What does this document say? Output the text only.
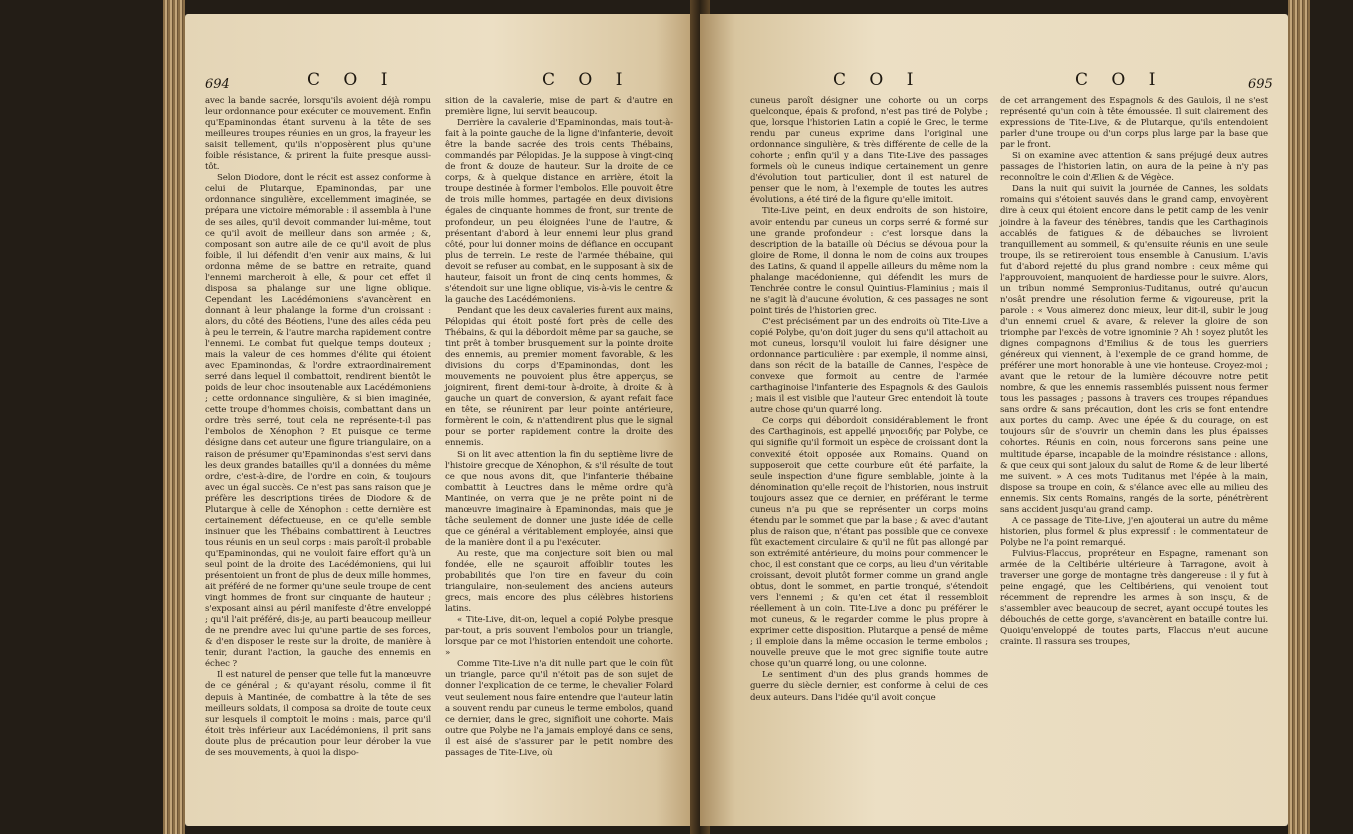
694	C O I	C O I

avec la bande sacrée, lorsqu'ils avoient déjà rompu leur ordonnance pour exécuter ce mouvement. Enfin qu'Epaminondas étant survenu à la tête de ses meilleures troupes réunies en un gros, la frayeur les saisit tellement, qu'ils n'opposèrent plus qu'une foible résistance, & prirent la fuite presque aussi-tôt.

Selon Diodore, dont le récit est assez conforme à celui de Plutarque, Epaminondas, par une ordonnance singulière, excellemment imaginée, se prépara une victoire mémorable : il assembla à l'une de ses ailes, qu'il devoit commander lui-même, tout ce qu'il avoit de meilleur dans son armée ; &, composant son autre aile de ce qu'il avoit de plus foible, il lui défendit d'en venir aux mains, & lui ordonna même de se battre en retraite, quand l'ennemi marcheroit à elle, & pour cet effet il disposa sa phalange sur une ligne oblique. Cependant les Lacédémoniens s'avancèrent en donnant à leur phalange la forme d'un croissant : alors, du côté des Béotiens, l'une des ailes céda peu à peu le terrein, & l'autre marcha rapidement contre l'ennemi. Le combat fut quelque temps douteux ; mais la valeur de ces hommes d'élite qui étoient avec Epaminondas, & l'ordre extraordinairement serré dans lequel il combattoit, rendirent bientôt le poids de leur choc insoutenable aux Lacédémoniens ; cette ordonnance singulière, & si bien imaginée, cette troupe d'hommes choisis, combattant dans un ordre très serré, tout cela ne représente-t-il pas l'embolos de Xénophon ? Et puisque ce terme désigne dans cet auteur une figure triangulaire, on a raison de présumer qu'Epaminondas s'est servi dans les deux grandes batailles qu'il a données du même ordre, c'est-à-dire, de l'ordre en coin, & toujours avec un égal succès. Ce n'est pas sans raison que je préfère les descriptions tirées de Diodore & de Plutarque à celle de Xénophon : cette dernière est certainement défectueuse, en ce qu'elle semble insinuer que les Thébains combattirent à Leuctres tous réunis en un seul corps : mais paroît-il probable qu'Epaminondas, qui ne vouloit faire effort qu'à un seul point de la droite des Lacédémoniens, qui lui présentoient un front de plus de deux mille hommes, ait préféré de ne former qu'une seule troupe de cent vingt hommes de front sur cinquante de hauteur ; s'exposant ainsi au péril manifeste d'être enveloppé ; qu'il l'ait préféré, dis-je, au parti beaucoup meilleur de ne prendre avec lui qu'une partie de ses forces, & d'en disposer le reste sur la droite, de manière à tenir, durant l'action, la gauche des ennemis en échec ?

Il est naturel de penser que telle fut la manœuvre de ce général ; & qu'ayant résolu, comme il fit depuis à Mantinée, de combattre à la tête de ses meilleurs soldats, il composa sa droite de toute ceux sur lesquels il comptoit le moins : mais, parce qu'il étoit très inférieur aux Lacédémoniens, il prit sans doute plus de précaution pour leur dérober la vue de ses mouvements, à quoi la dispo-

sition de la cavalerie, mise de part & d'autre en première ligne, lui servit beaucoup.

Derrière la cavalerie d'Epaminondas, mais tout-à-fait à la pointe gauche de la ligne d'infanterie, devoit être la bande sacrée des trois cents Thébains, commandés par Pélopidas. Je la suppose à vingt-cinq de front & douze de hauteur. Sur la droite de ce corps, & à quelque distance en arrière, étoit la troupe destinée à former l'embolos. Elle pouvoit être de trois mille hommes, partagée en deux divisions égales de cinquante hommes de front, sur trente de profondeur, un peu éloignées l'une de l'autre, & présentant d'abord à leur ennemi leur plus grand côté, pour lui donner moins de défiance en occupant plus de terrein. Le reste de l'armée thébaine, qui devoit se refuser au combat, en le supposant à six de hauteur, faisoit un front de cinq cents hommes, & s'étendoit sur une ligne oblique, vis-à-vis le centre & la gauche des Lacédémoniens.

Pendant que les deux cavaleries furent aux mains, Pélopidas qui étoit posté fort près de celle des Thébains, & qui la débordoit même par sa gauche, se tint prêt à tomber brusquement sur la pointe droite des ennemis, au premier moment favorable, & les divisions du corps d'Epaminondas, dont les mouvements ne pouvoient plus être apperçus, se joignirent, firent demi-tour à-droite, à droite & à gauche un quart de conversion, & ayant refait face en tête, se réunirent par leur pointe antérieure, formèrent le coin, & n'attendirent plus que le signal pour se porter rapidement contre la droite des ennemis.

Si on lit avec attention la fin du septième livre de l'histoire grecque de Xénophon, & s'il résulte de tout ce que nous avons dit, que l'infanterie thébaine combattit à Leuctres dans le même ordre qu'à Mantinée, on verra que je ne prête point ni de manœuvre imaginaire à Epaminondas, mais que je tâche seulement de donner une juste idée de celle que ce général a véritablement employée, ainsi que de la manière dont il a pu l'exécuter.

Au reste, que ma conjecture soit bien ou mal fondée, elle ne sçauroit affoiblir toutes les probabilités que l'on tire en faveur du coin triangulaire, non-seulement des anciens auteurs grecs, mais encore des plus célèbres historiens latins.

« Tite-Live, dit-on, lequel a copié Polybe presque par-tout, a pris souvent l'embolos pour un triangle, lorsque par ce mot l'historien entendoit une cohorte. »

Comme Tite-Live n'a dit nulle part que le coin fût un triangle, parce qu'il n'étoit pas de son sujet de donner l'explication de ce terme, le chevalier Folard veut seulement nous faire entendre que l'auteur latin a souvent rendu par cuneus le terme embolos, quand ce dernier, dans le grec, signifioit une cohorte. Mais outre que Polybe ne l'a jamais employé dans ce sens, il est aisé de s'assurer par le petit nombre des passages de Tite-Live, où

C O I	C O I	695

cuneus paroît désigner une cohorte ou un corps quelconque, épais & profond, n'est pas tiré de Polybe ; que, lorsque l'historien Latin a copié le Grec, le terme rendu par cuneus exprime dans l'original une ordonnance singulière, & très différente de celle de la cohorte ; enfin qu'il y a dans Tite-Live des passages formels où le cuneus indique certainement un genre d'évolution tout particulier, dont il est naturel de penser que le nom, à l'exemple de toutes les autres évolutions, a été tiré de la figure qu'elle imitoit.

Tite-Live peint, en deux endroits de son histoire, avoir entendu par cuneus un corps serré & formé sur une grande profondeur : c'est lorsque dans la description de la bataille où Décius se dévoua pour la gloire de Rome, il donna le nom de coins aux troupes des Latins, & quand il appelle ailleurs du même nom la phalange macédonienne, qui défendit les murs de Tenchrée contre le consul Quintius-Flaminius ; mais il ne s'agit là d'aucune évolution, & ces passages ne sont point tirés de l'historien grec.

C'est précisément par un des endroits où Tite-Live a copié Polybe, qu'on doit juger du sens qu'il attachoit au mot cuneus, lorsqu'il vouloit lui faire désigner une ordonnance particulière : par exemple, il nomme ainsi, dans son récit de la bataille de Cannes, l'espèce de convexe que formoit au centre de l'armée carthaginoise l'infanterie des Espagnols & des Gaulois ; mais il est visible que l'auteur Grec entendoit là toute autre chose qu'un quarré long.

Ce corps qui débordoit considérablement le front des Carthaginois, est appellé μηνοειδής par Polybe, ce qui signifie qu'il formoit un espèce de croissant dont la convexité étoit opposée aux Romains. Quand on supposeroit que cette courbure eût été parfaite, la seule inspection d'une figure semblable, jointe à la dénomination qu'elle reçoit de l'historien, nous instruit toujours assez que ce dernier, en préférant le terme cuneus n'a pu que se représenter un corps moins étendu par le sommet que par la base ; & avec d'autant plus de raison que, n'étant pas possible que ce convexe fût exactement circulaire & qu'il ne fût pas allongé par son extrémité antérieure, du moins pour commencer le choc, il est constant que ce corps, au lieu d'un véritable croissant, devoit plutôt former comme un grand angle obtus, dont le sommet, en partie tronqué, s'étendoit vers l'ennemi ; & qu'en cet état il ressembloit réellement à un coin. Tite-Live a donc pu préférer le mot cuneus, & le regarder comme le plus propre à exprimer cette disposition. Plutarque a pensé de même ; il emploie dans la même occasion le terme embolos ; nouvelle preuve que le mot grec signifie toute autre chose qu'un quarré long, ou une colonne.

Le sentiment d'un des plus grands hommes de guerre du siècle dernier, est conforme à celui de ces deux auteurs. Dans l'idée qu'il avoit conçue

de cet arrangement des Espagnols & des Gaulois, il ne s'est représenté qu'un coin à tête émoussée. Il suit clairement des expressions de Tite-Live, & de Plutarque, qu'ils entendoient parler d'une troupe ou d'un corps plus large par la base que par le front.

Si on examine avec attention & sans préjugé deux autres passages de l'historien latin, on aura de la peine à n'y pas reconnoître le coin d'Ælien & de Végèce.

Dans la nuit qui suivit la journée de Cannes, les soldats romains qui s'étoient sauvés dans le grand camp, envoyèrent dire à ceux qui étoient encore dans le petit camp de les venir joindre à la faveur des ténèbres, tandis que les Carthaginois accablés de fatigues & de débauches se livroient tranquillement au sommeil, & qu'ensuite réunis en une seule troupe, ils se retireroient tous ensemble à Canusium. L'avis fut d'abord rejetté du plus grand nombre : ceux même qui l'approuvoient, manquoient de hardiesse pour le suivre. Alors, un tribun nommé Sempronius-Tuditanus, outré qu'aucun n'osât prendre une résolution ferme & vigoureuse, prit la parole : « Vous aimerez donc mieux, leur dit-il, subir le joug d'un ennemi cruel & avare, & relever la gloire de son triomphe par l'excès de votre ignominie ? Ah ! soyez plutôt les dignes compagnons d'Emilius & de tous les guerriers généreux qui viennent, à l'exemple de ce grand homme, de préférer une mort honorable à une vie honteuse. Croyez-moi ; avant que le retour de la lumière découvre notre petit nombre, & que les ennemis rassemblés puissent nous fermer tous les passages ; passons à travers ces troupes répandues sans ordre & sans précaution, dont les cris se font entendre aux portes du camp. Avec une épée & du courage, on est toujours sûr de s'ouvrir un chemin dans les plus épaisses cohortes. Réunis en coin, nous forcerons sans peine une multitude éparse, incapable de la moindre résistance : allons, & que ceux qui sont jaloux du salut de Rome & de leur liberté me suivent. » A ces mots Tuditanus met l'épée à la main, dispose sa troupe en coin, & s'élance avec elle au milieu des ennemis. Six cents Romains, rangés de la sorte, pénétrèrent sans accident jusqu'au grand camp.

A ce passage de Tite-Live, j'en ajouterai un autre du même historien, plus formel & plus expressif : le commentateur de Polybe ne l'a point remarqué.

Fulvius-Flaccus, propréteur en Espagne, ramenant son armée de la Celtibérie ultérieure à Tarragone, avoit à traverser une gorge de montagne très dangereuse : il y fut à peine engagé, que les Celtibériens, qui venoient tout récemment de reprendre les armes à son insçu, & de s'assembler avec beaucoup de secret, ayant occupé toutes les débouchés de cette gorge, s'avancèrent en bataille contre lui. Quoiqu'enveloppé de toutes parts, Flaccus n'eut aucune crainte. Il rassura ses troupes,
